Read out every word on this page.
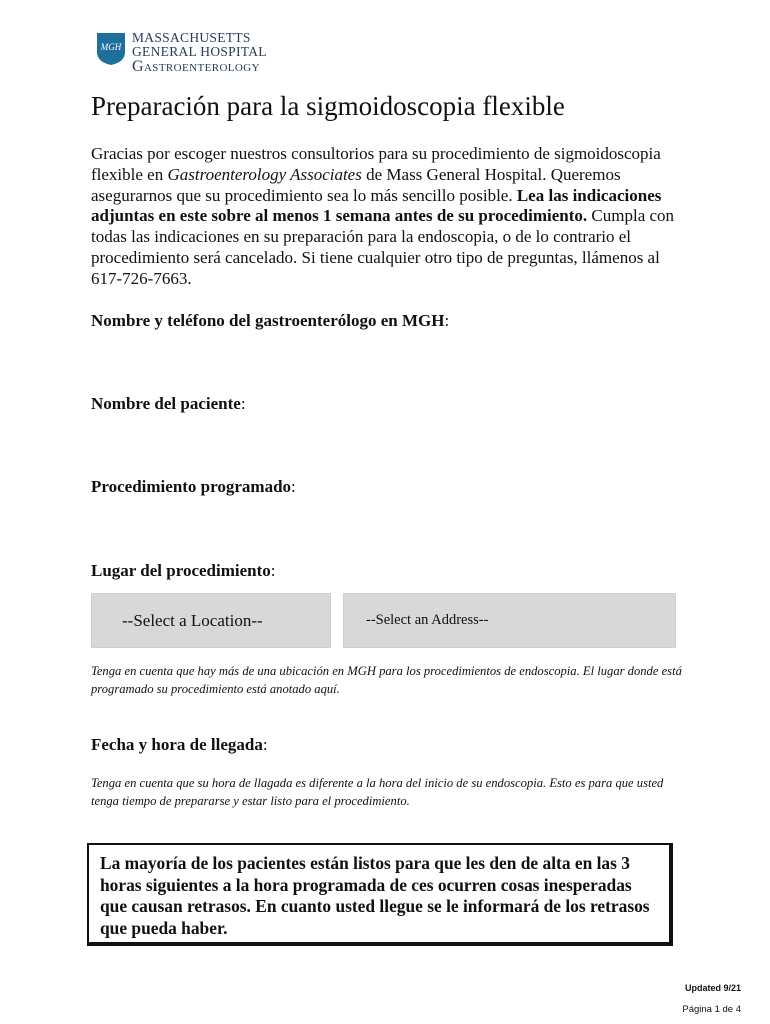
MGH
MASSACHUSETTS
GENERAL HOSPITAL
Gastroenterology
Preparación para la sigmoidoscopia flexible

Gracias por escoger nuestros consultorios para su procedimiento de sigmoidoscopia flexible en Gastroenterology Associates de Mass General Hospital. Queremos asegurarnos que su procedimiento sea lo más sencillo posible. Lea las indicaciones adjuntas en este sobre al menos 1 semana antes de su procedimiento. Cumpla con todas las indicaciones en su preparación para la endoscopia, o de lo contrario el procedimiento será cancelado. Si tiene cualquier otro tipo de preguntas, llámenos al 617-726-7663.

Nombre y teléfono del gastroenterólogo en MGH:
Nombre del paciente:
Procedimiento programado:
Lugar del procedimiento:
--Select a Location--	--Select an Address--

Tenga en cuenta que hay más de una ubicación en MGH para los procedimientos de endoscopia. El lugar donde está programado su procedimiento está anotado aquí.

Fecha y hora de llegada:

Tenga en cuenta que su hora de llagada es diferente a la hora del inicio de su endoscopia. Esto es para que usted tenga tiempo de prepararse y estar listo para el procedimiento.

La mayoría de los pacientes están listos para que les den de alta en las 3 horas siguientes a la hora programada de ces ocurren cosas inesperadas que causan retrasos. En cuanto usted llegue se le informará de los retrasos que pueda haber.
Updated 9/21
Página 1 de 4
